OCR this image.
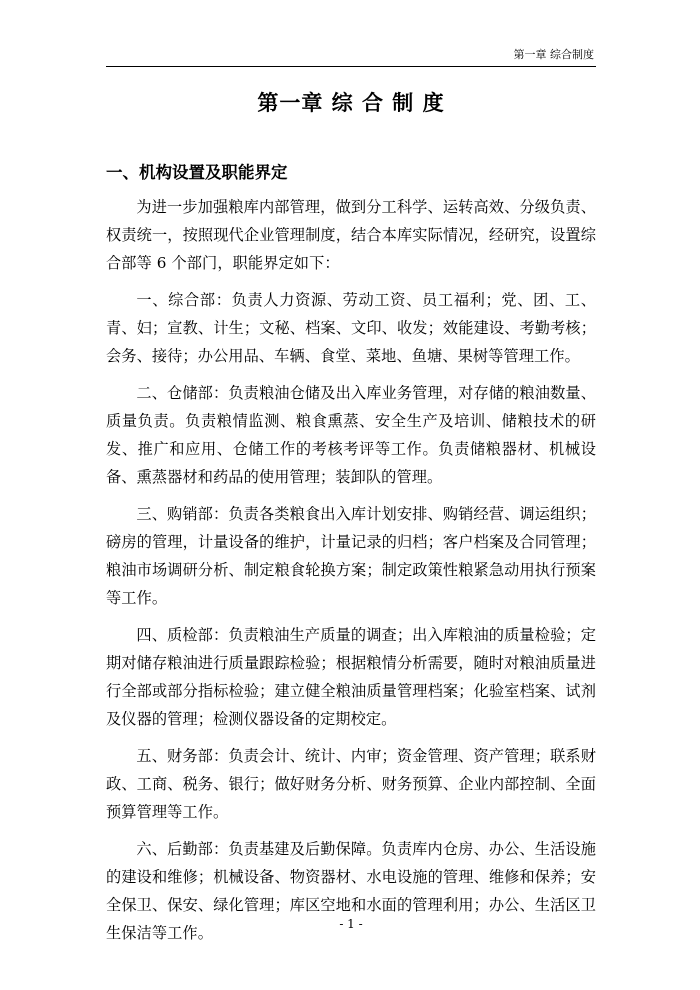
第一章 综合制度
第一章 综 合 制 度
一、机构设置及职能界定

为进一步加强粮库内部管理，做到分工科学、运转高效、分级负责、权责统一，按照现代企业管理制度，结合本库实际情况，经研究，设置综合部等 6 个部门，职能界定如下：

一、综合部：负责人力资源、劳动工资、员工福利；党、团、工、青、妇；宣教、计生；文秘、档案、文印、收发；效能建设、考勤考核；会务、接待；办公用品、车辆、食堂、菜地、鱼塘、果树等管理工作。

二、仓储部：负责粮油仓储及出入库业务管理，对存储的粮油数量、质量负责。负责粮情监测、粮食熏蒸、安全生产及培训、储粮技术的研发、推广和应用、仓储工作的考核考评等工作。负责储粮器材、机械设备、熏蒸器材和药品的使用管理；装卸队的管理。

三、购销部：负责各类粮食出入库计划安排、购销经营、调运组织；磅房的管理，计量设备的维护，计量记录的归档；客户档案及合同管理；粮油市场调研分析、制定粮食轮换方案；制定政策性粮紧急动用执行预案等工作。

四、质检部：负责粮油生产质量的调查；出入库粮油的质量检验；定期对储存粮油进行质量跟踪检验；根据粮情分析需要，随时对粮油质量进行全部或部分指标检验；建立健全粮油质量管理档案；化验室档案、试剂及仪器的管理；检测仪器设备的定期校定。

五、财务部：负责会计、统计、内审；资金管理、资产管理；联系财政、工商、税务、银行；做好财务分析、财务预算、企业内部控制、全面预算管理等工作。

六、后勤部：负责基建及后勤保障。负责库内仓房、办公、生活设施的建设和维修；机械设备、物资器材、水电设施的管理、维修和保养；安全保卫、保安、绿化管理；库区空地和水面的管理利用；办公、生活区卫生保洁等工作。	- 1 -
